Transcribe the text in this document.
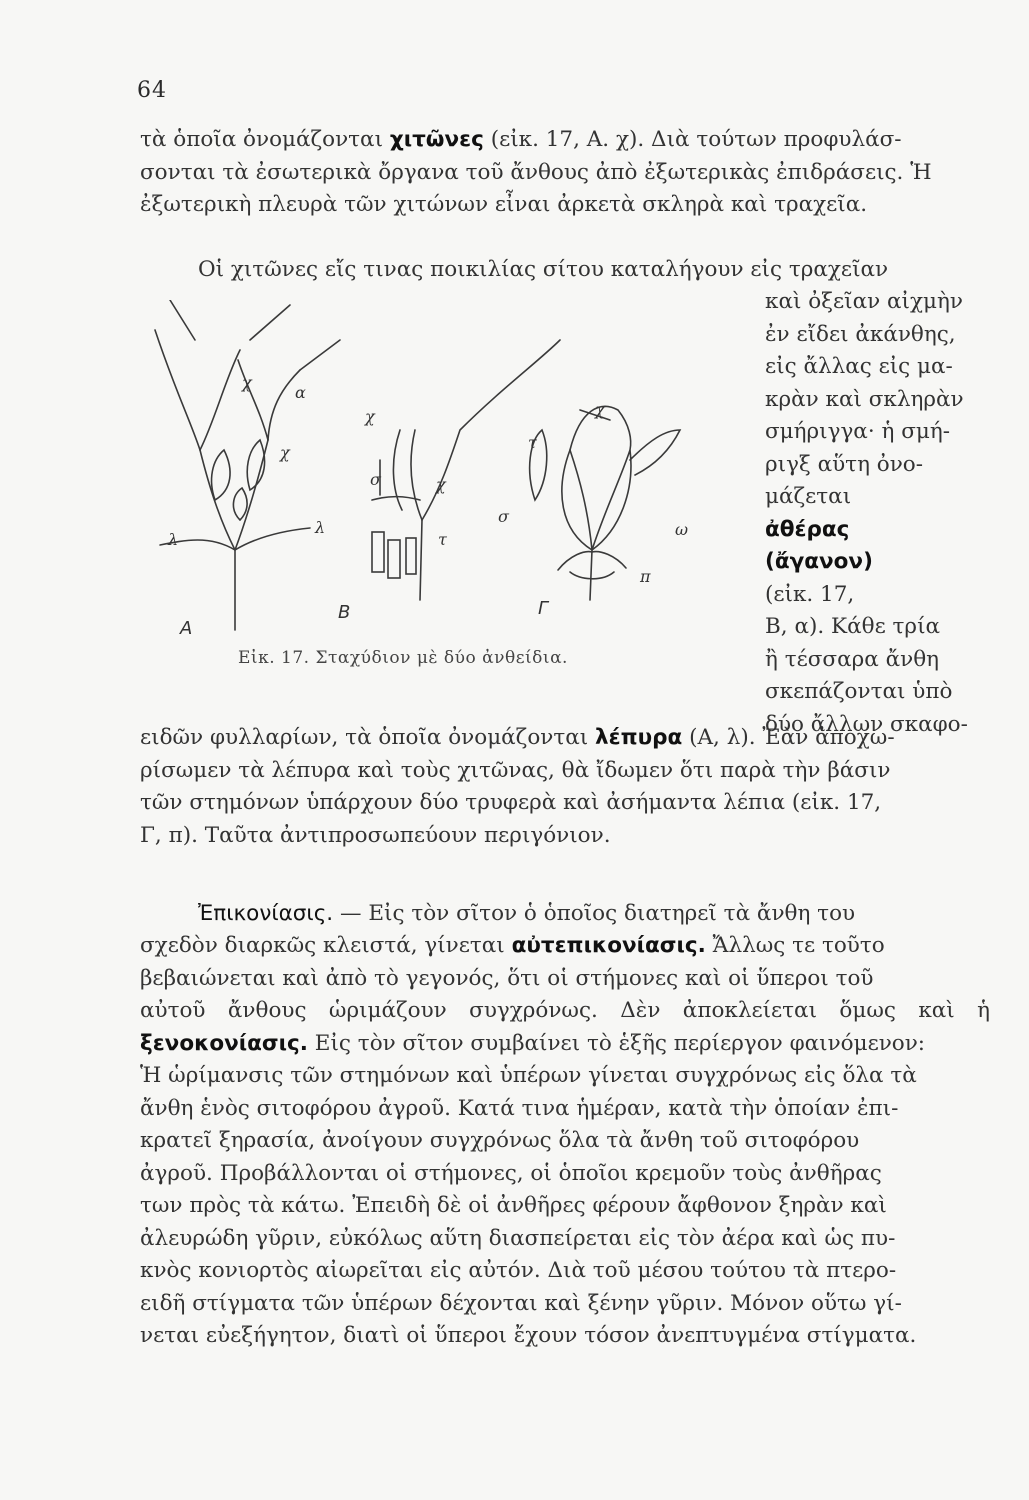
64
τὰ ὁποῖα ὀνομάζονται χιτῶνες (εἰκ. 17, Α. χ). Διὰ τούτων προφυλάσ-
σονται τὰ ἐσωτερικὰ ὄργανα τοῦ ἄνθους ἀπὸ ἐξωτερικὰς ἐπιδράσεις. Ἡ
ἐξωτερικὴ πλευρὰ τῶν χιτώνων εἶναι ἀρκετὰ σκληρὰ καὶ τραχεῖα.
Οἱ χιτῶνες εἴς τινας ποικιλίας σίτου καταλήγουν εἰς τραχεῖαν
καὶ ὀξεῖαν αἰχμὴν
ἐν εἴδει ἀκάνθης,
εἰς ἄλλας εἰς μα-
κρὰν καὶ σκληρὰν
σμήριγγα· ἡ σμή-
ριγξ αὕτη ὀνο-
μάζεται
ἀθέρας
(ἄγανον)
(εἰκ. 17,
Β, α). Κάθε τρία
ἢ τέσσαρα ἄνθη
σκεπάζονται ὑπὸ
δύο ἄλλων σκαφο-
χ
α
χ
λ
λ
χ
σ	χ
τ
χ
τ
σ
ω
π
Α
Β	Γ
Εἰκ. 17. Σταχύδιον μὲ δύο ἀνθείδια.
ειδῶν φυλλαρίων, τὰ ὁποῖα ὀνομάζονται λέπυρα (Α, λ). Ἐὰν ἀποχω-
ρίσωμεν τὰ λέπυρα καὶ τοὺς χιτῶνας, θὰ ἴδωμεν ὅτι παρὰ τὴν βάσιν
τῶν στημόνων ὑπάρχουν δύο τρυφερὰ καὶ ἀσήμαντα λέπια (εἰκ. 17,
Γ, π). Ταῦτα ἀντιπροσωπεύουν περιγόνιον.
Ἐπικονίασις. — Εἰς τὸν σῖτον ὁ ὁποῖος διατηρεῖ τὰ ἄνθη του
σχεδὸν διαρκῶς κλειστά, γίνεται αὐτεπικονίασις. Ἄλλως τε τοῦτο
βεβαιώνεται καὶ ἀπὸ τὸ γεγονός, ὅτι οἱ στήμονες καὶ οἱ ὕπεροι τοῦ
αὐτοῦ ἄνθους ὡριμάζουν συγχρόνως. Δὲν ἀποκλείεται ὅμως καὶ ἡ ξενοκονίασις. Εἰς τὸν σῖτον συμβαίνει τὸ ἑξῆς περίεργον φαινόμενον:
Ἡ ὡρίμανσις τῶν στημόνων καὶ ὑπέρων γίνεται συγχρόνως εἰς ὅλα τὰ
ἄνθη ἑνὸς σιτοφόρου ἀγροῦ. Κατά τινα ἡμέραν, κατὰ τὴν ὁποίαν ἐπι-
κρατεῖ ξηρασία, ἀνοίγουν συγχρόνως ὅλα τὰ ἄνθη τοῦ σιτοφόρου
ἀγροῦ. Προβάλλονται οἱ στήμονες, οἱ ὁποῖοι κρεμοῦν τοὺς ἀνθῆρας
των πρὸς τὰ κάτω. Ἐπειδὴ δὲ οἱ ἀνθῆρες φέρουν ἄφθονον ξηρὰν καὶ
ἀλευρώδη γῦριν, εὐκόλως αὕτη διασπείρεται εἰς τὸν ἀέρα καὶ ὡς πυ-
κνὸς κονιορτὸς αἰωρεῖται εἰς αὐτόν. Διὰ τοῦ μέσου τούτου τὰ πτερο-
ειδῆ στίγματα τῶν ὑπέρων δέχονται καὶ ξένην γῦριν. Μόνον οὕτω γί-
νεται εὐεξήγητον, διατὶ οἱ ὕπεροι ἔχουν τόσον ἀνεπτυγμένα στίγματα.
